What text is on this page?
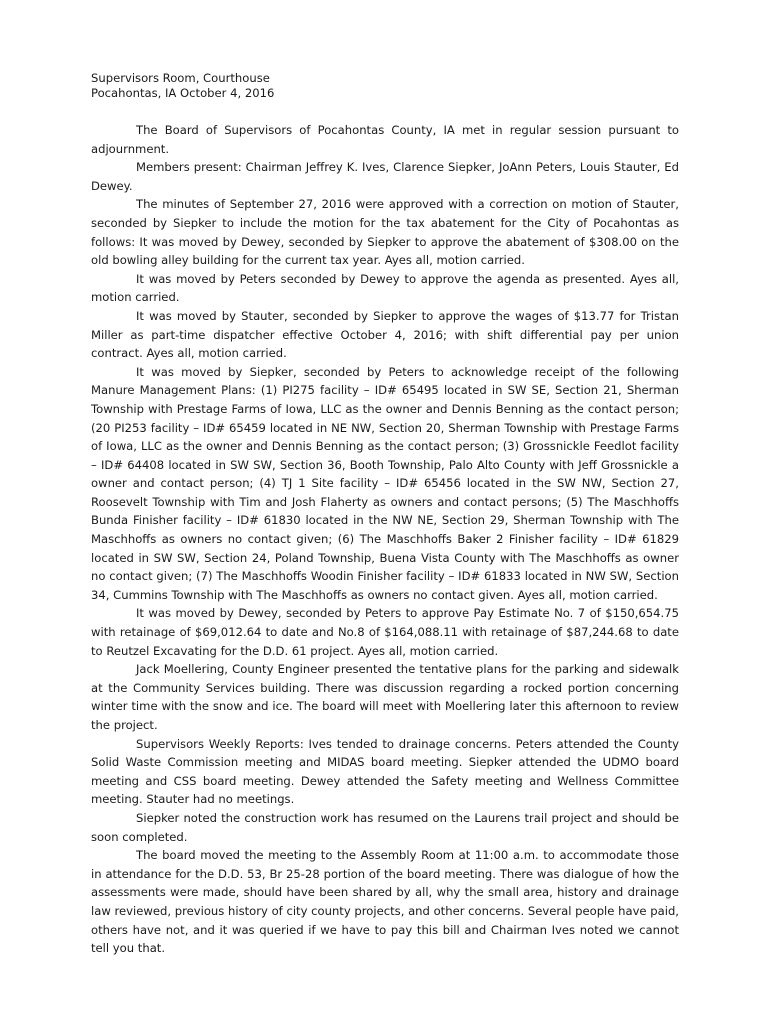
Supervisors Room, Courthouse
Pocahontas, IA October 4, 2016

The Board of Supervisors of Pocahontas County, IA met in regular session pursuant to adjournment.

Members present: Chairman Jeffrey K. Ives, Clarence Siepker, JoAnn Peters, Louis Stauter, Ed Dewey.

The minutes of September 27, 2016 were approved with a correction on motion of Stauter, seconded by Siepker to include the motion for the tax abatement for the City of Pocahontas as follows: It was moved by Dewey, seconded by Siepker to approve the abatement of $308.00 on the old bowling alley building for the current tax year. Ayes all, motion carried.

It was moved by Peters seconded by Dewey to approve the agenda as presented. Ayes all, motion carried.

It was moved by Stauter, seconded by Siepker to approve the wages of $13.77 for Tristan Miller as part-time dispatcher effective October 4, 2016; with shift differential pay per union contract. Ayes all, motion carried.

It was moved by Siepker, seconded by Peters to acknowledge receipt of the following Manure Management Plans: (1) PI275 facility – ID# 65495 located in SW SE, Section 21, Sherman Township with Prestage Farms of Iowa, LLC as the owner and Dennis Benning as the contact person; (20 PI253 facility – ID# 65459 located in NE NW, Section 20, Sherman Township with Prestage Farms of Iowa, LLC as the owner and Dennis Benning as the contact person; (3) Grossnickle Feedlot facility – ID# 64408 located in SW SW, Section 36, Booth Township, Palo Alto County with Jeff Grossnickle a owner and contact person; (4) TJ 1 Site facility – ID# 65456 located in the SW NW, Section 27, Roosevelt Township with Tim and Josh Flaherty as owners and contact persons; (5) The Maschhoffs Bunda Finisher facility – ID# 61830 located in the NW NE, Section 29, Sherman Township with The Maschhoffs as owners no contact given; (6) The Maschhoffs Baker 2 Finisher facility – ID# 61829 located in SW SW, Section 24, Poland Township, Buena Vista County with The Maschhoffs as owner no contact given; (7) The Maschhoffs Woodin Finisher facility – ID# 61833 located in NW SW, Section 34, Cummins Township with The Maschhoffs as owners no contact given. Ayes all, motion carried.

It was moved by Dewey, seconded by Peters to approve Pay Estimate No. 7 of $150,654.75 with retainage of $69,012.64 to date and No.8 of $164,088.11 with retainage of $87,244.68 to date to Reutzel Excavating for the D.D. 61 project. Ayes all, motion carried.

Jack Moellering, County Engineer presented the tentative plans for the parking and sidewalk at the Community Services building. There was discussion regarding a rocked portion concerning winter time with the snow and ice. The board will meet with Moellering later this afternoon to review the project.

Supervisors Weekly Reports: Ives tended to drainage concerns. Peters attended the County Solid Waste Commission meeting and MIDAS board meeting. Siepker attended the UDMO board meeting and CSS board meeting. Dewey attended the Safety meeting and Wellness Committee meeting. Stauter had no meetings.

Siepker noted the construction work has resumed on the Laurens trail project and should be soon completed.

The board moved the meeting to the Assembly Room at 11:00 a.m. to accommodate those in attendance for the D.D. 53, Br 25-28 portion of the board meeting. There was dialogue of how the assessments were made, should have been shared by all, why the small area, history and drainage law reviewed, previous history of city county projects, and other concerns. Several people have paid, others have not, and it was queried if we have to pay this bill and Chairman Ives noted we cannot tell you that.
